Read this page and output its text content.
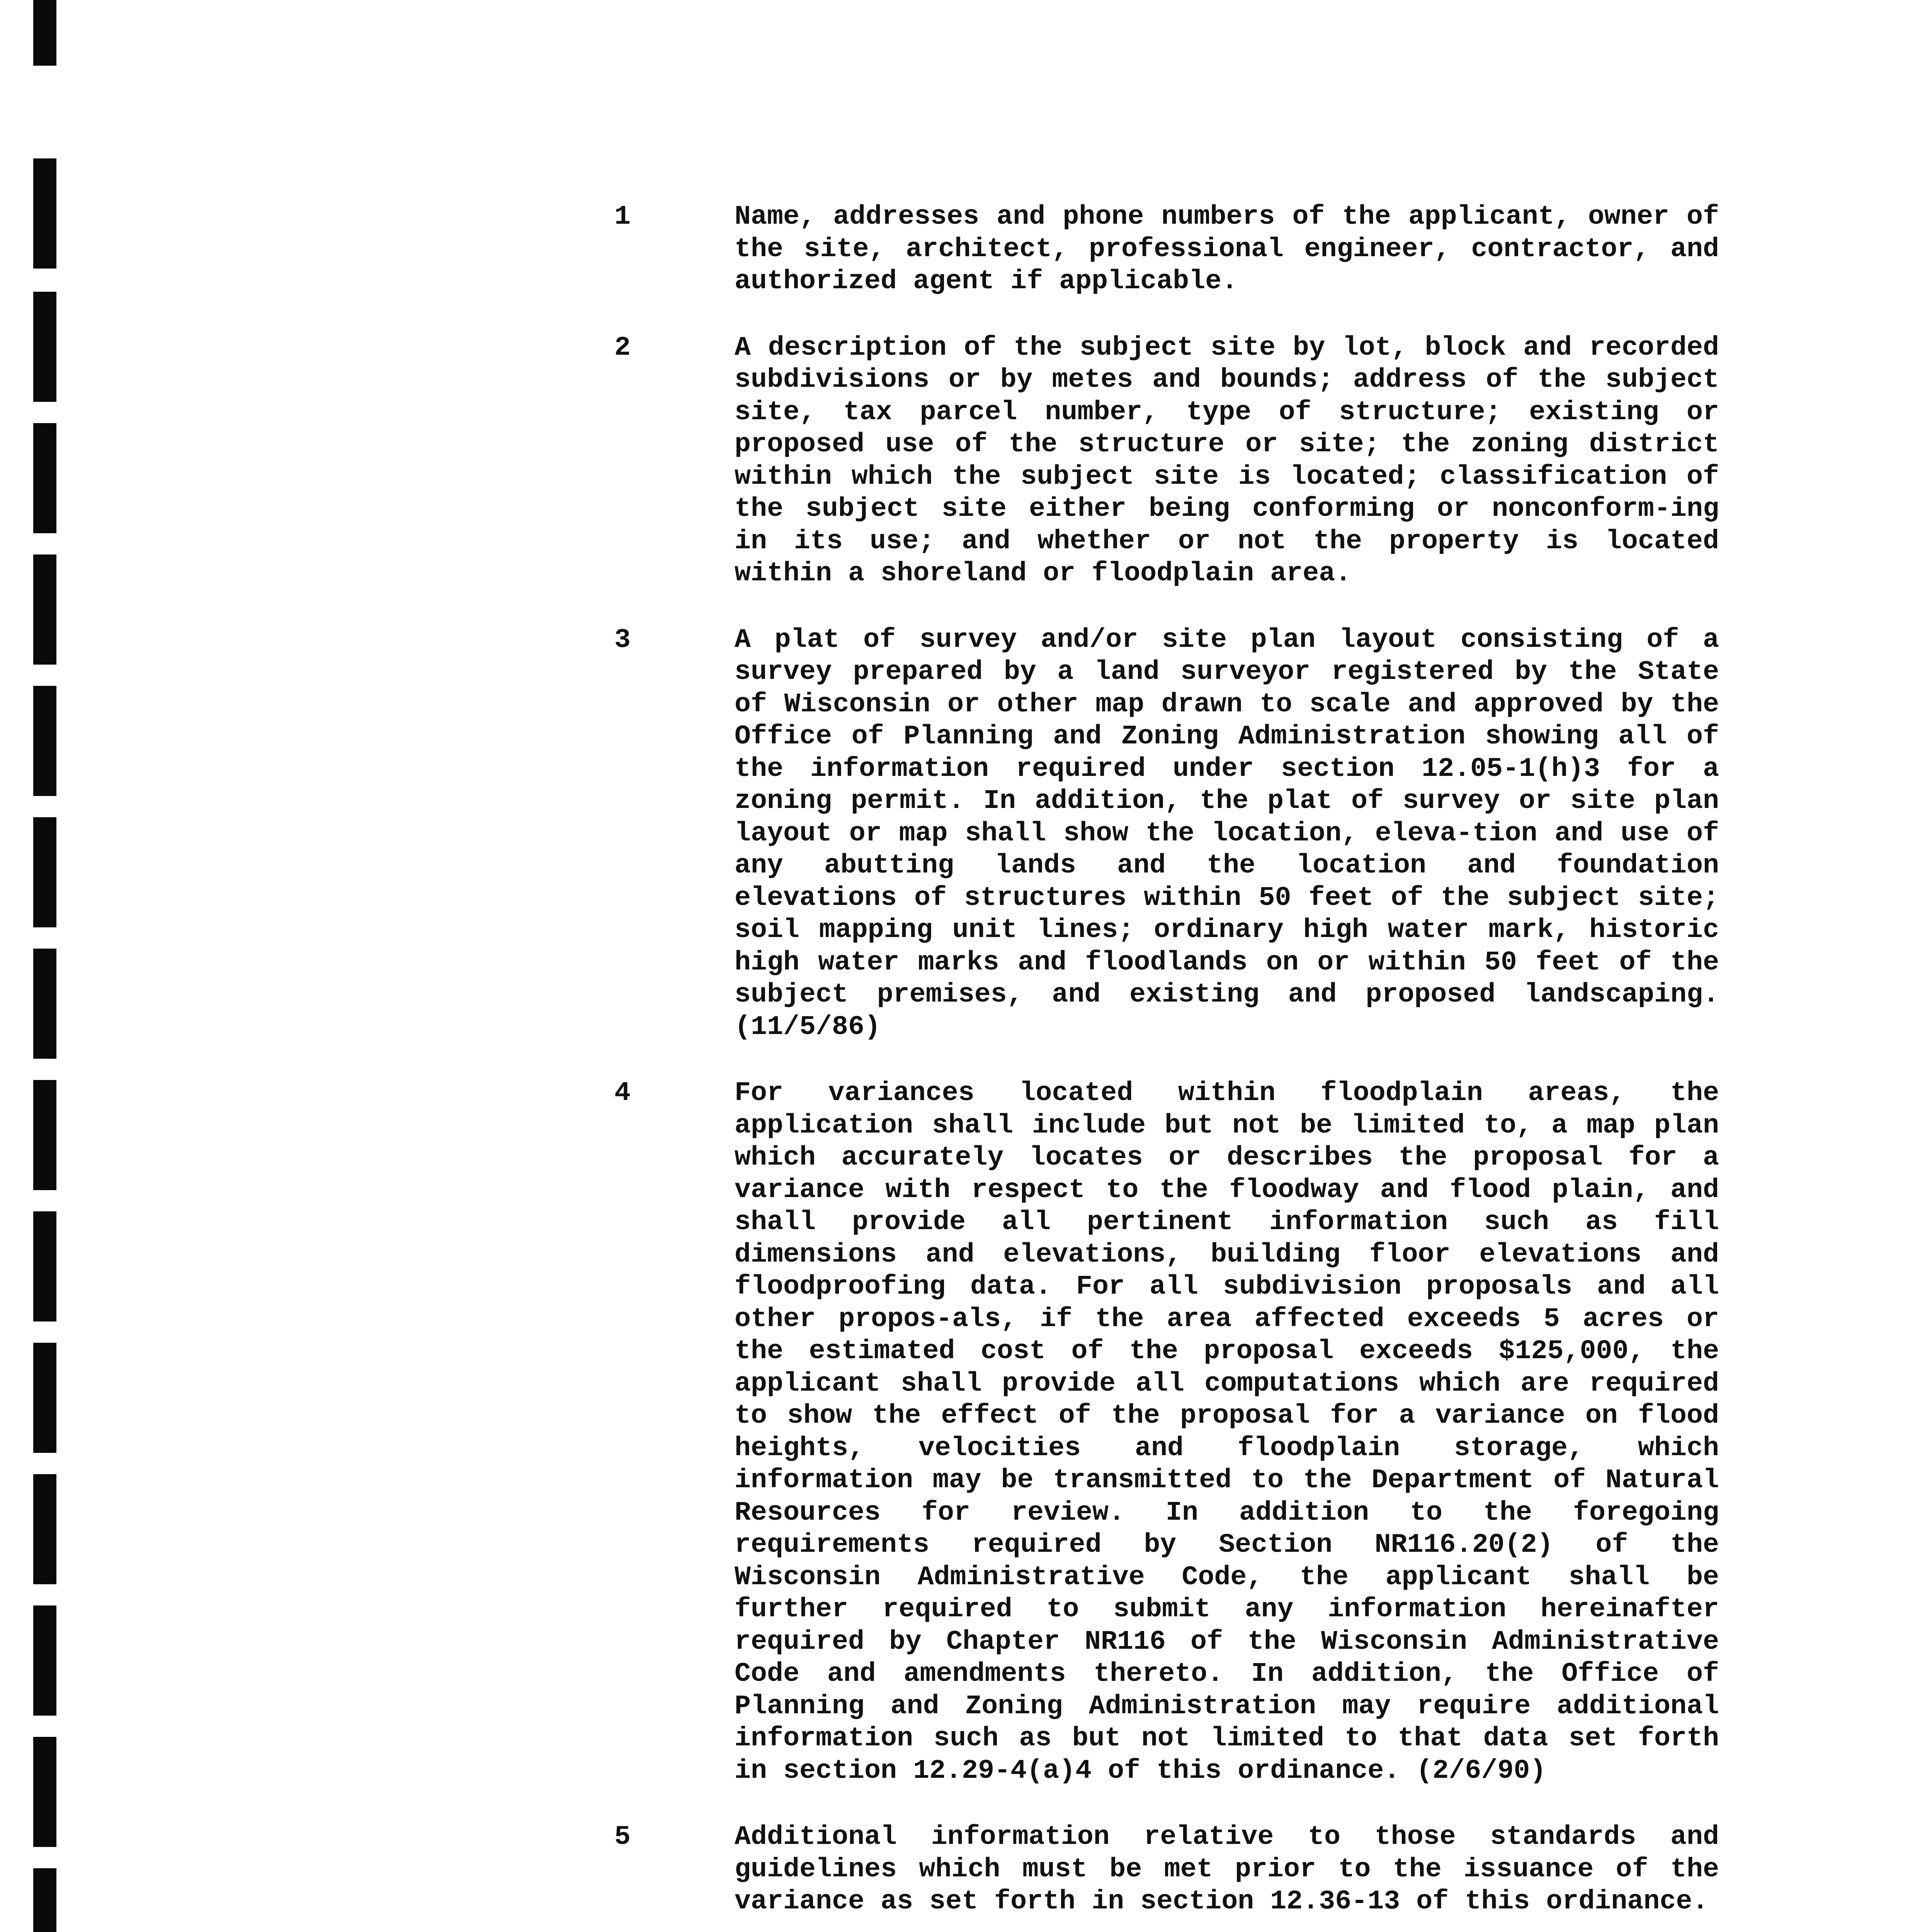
1	Name, addresses and phone numbers of the applicant, owner of the site, architect, professional engineer, contractor, and authorized agent if applicable.
2	A description of the subject site by lot, block and recorded subdivisions or by metes and bounds; address of the subject site, tax parcel number, type of structure; existing or proposed use of the structure or site; the zoning district within which the subject site is located; classification of the subject site either being conforming or nonconform-ing in its use; and whether or not the property is located within a shoreland or floodplain area.
3	A plat of survey and/or site plan layout consisting of a survey prepared by a land surveyor registered by the State of Wisconsin or other map drawn to scale and approved by the Office of Planning and Zoning Administration showing all of the information required under section 12.05-1(h)3 for a zoning permit. In addition, the plat of survey or site plan layout or map shall show the location, eleva-tion and use of any abutting lands and the location and foundation elevations of structures within 50 feet of the subject site; soil mapping unit lines; ordinary high water mark, historic high water marks and floodlands on or within 50 feet of the subject premises, and existing and proposed landscaping. (11/5/86)
4	For variances located within floodplain areas, the application shall include but not be limited to, a map plan which accurately locates or describes the proposal for a variance with respect to the floodway and flood plain, and shall provide all pertinent information such as fill dimensions and elevations, building floor elevations and floodproofing data. For all subdivision proposals and all other propos-als, if the area affected exceeds 5 acres or the estimated cost of the proposal exceeds $125,000, the applicant shall provide all computations which are required to show the effect of the proposal for a variance on flood heights, velocities and floodplain storage, which information may be transmitted to the Department of Natural Resources for review. In addition to the foregoing requirements required by Section NR116.20(2) of the Wisconsin Administrative Code, the applicant shall be further required to submit any information hereinafter required by Chapter NR116 of the Wisconsin Administrative Code and amendments thereto. In addition, the Office of Planning and Zoning Administration may require additional information such as but not limited to that data set forth in section 12.29-4(a)4 of this ordinance. (2/6/90)
5	Additional information relative to those standards and guidelines which must be met prior to the issuance of the variance as set forth in section 12.36-13 of this ordinance.
